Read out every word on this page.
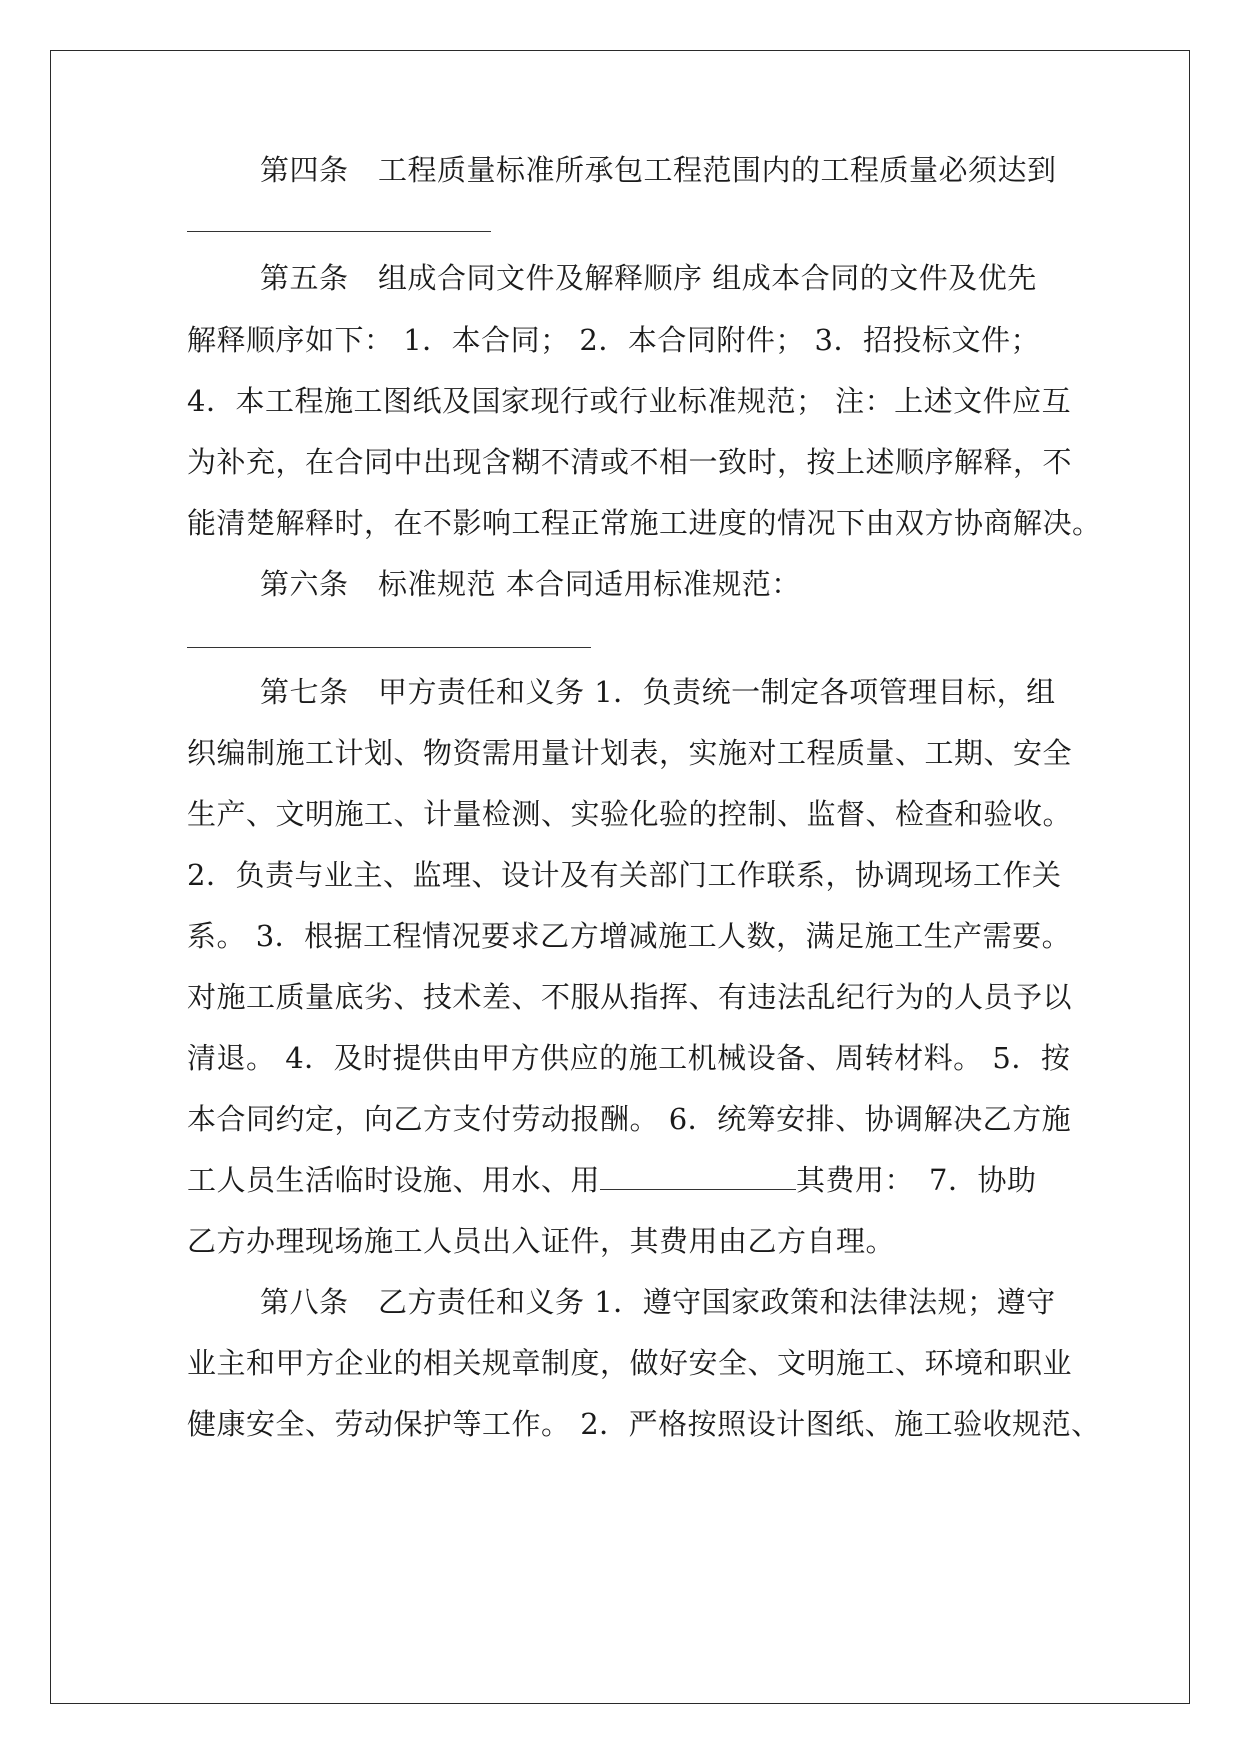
第四条　工程质量标准所承包工程范围内的工程质量必须达到
第五条　组成合同文件及解释顺序 组成本合同的文件及优先
解释顺序如下： 1．本合同； 2．本合同附件； 3．招投标文件；
4．本工程施工图纸及国家现行或行业标准规范； 注：上述文件应互
为补充，在合同中出现含糊不清或不相一致时，按上述顺序解释，不
能清楚解释时，在不影响工程正常施工进度的情况下由双方协商解决。
第六条　标准规范 本合同适用标准规范：
第七条　甲方责任和义务 1．负责统一制定各项管理目标，组
织编制施工计划、物资需用量计划表，实施对工程质量、工期、安全
生产、文明施工、计量检测、实验化验的控制、监督、检查和验收。
2．负责与业主、监理、设计及有关部门工作联系，协调现场工作关
系。 3．根据工程情况要求乙方增减施工人数，满足施工生产需要。
对施工质量底劣、技术差、不服从指挥、有违法乱纪行为的人员予以
清退。 4．及时提供由甲方供应的施工机械设备、周转材料。 5．按
本合同约定，向乙方支付劳动报酬。 6．统筹安排、协调解决乙方施
工人员生活临时设施、用水、用	其费用：　7．协助
乙方办理现场施工人员出入证件，其费用由乙方自理。
第八条　乙方责任和义务 1．遵守国家政策和法律法规；遵守
业主和甲方企业的相关规章制度，做好安全、文明施工、环境和职业
健康安全、劳动保护等工作。 2．严格按照设计图纸、施工验收规范、
